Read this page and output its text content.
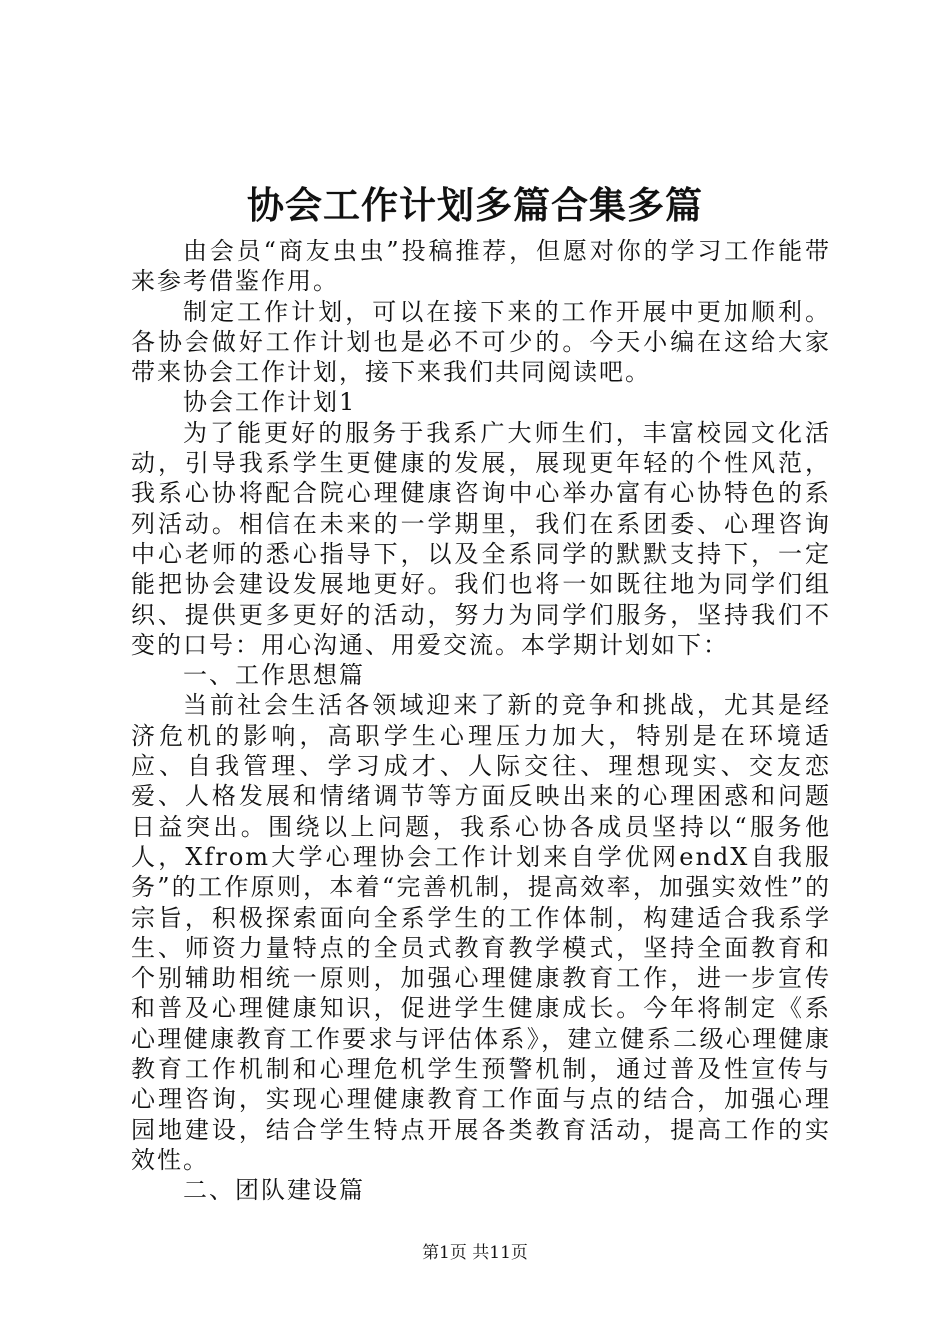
协会工作计划多篇合集多篇

由会员“商友虫虫”投稿推荐，但愿对你的学习工作能带来参考借鉴作用。

制定工作计划，可以在接下来的工作开展中更加顺利。各协会做好工作计划也是必不可少的。今天小编在这给大家带来协会工作计划，接下来我们共同阅读吧。

协会工作计划1

为了能更好的服务于我系广大师生们，丰富校园文化活动，引导我系学生更健康的发展，展现更年轻的个性风范，我系心协将配合院心理健康咨询中心举办富有心协特色的系列活动。相信在未来的一学期里，我们在系团委、心理咨询中心老师的悉心指导下，以及全系同学的默默支持下，一定能把协会建设发展地更好。我们也将一如既往地为同学们组织、提供更多更好的活动，努力为同学们服务，坚持我们不变的口号：用心沟通、用爱交流。本学期计划如下：

一、工作思想篇

当前社会生活各领域迎来了新的竞争和挑战，尤其是经济危机的影响，高职学生心理压力加大，特别是在环境适应、自我管理、学习成才、人际交往、理想现实、交友恋爱、人格发展和情绪调节等方面反映出来的心理困惑和问题日益突出。围绕以上问题，我系心协各成员坚持以“服务他人，Xfrom大学心理协会工作计划来自学优网endX自我服务”的工作原则，本着“完善机制，提高效率，加强实效性”的宗旨，积极探索面向全系学生的工作体制，构建适合我系学生、师资力量特点的全员式教育教学模式，坚持全面教育和个别辅助相统一原则，加强心理健康教育工作，进一步宣传和普及心理健康知识，促进学生健康成长。今年将制定《系心理健康教育工作要求与评估体系》，建立健系二级心理健康教育工作机制和心理危机学生预警机制，通过普及性宣传与心理咨询，实现心理健康教育工作面与点的结合，加强心理园地建设，结合学生特点开展各类教育活动，提高工作的实效性。

二、团队建设篇

第1页 共11页
